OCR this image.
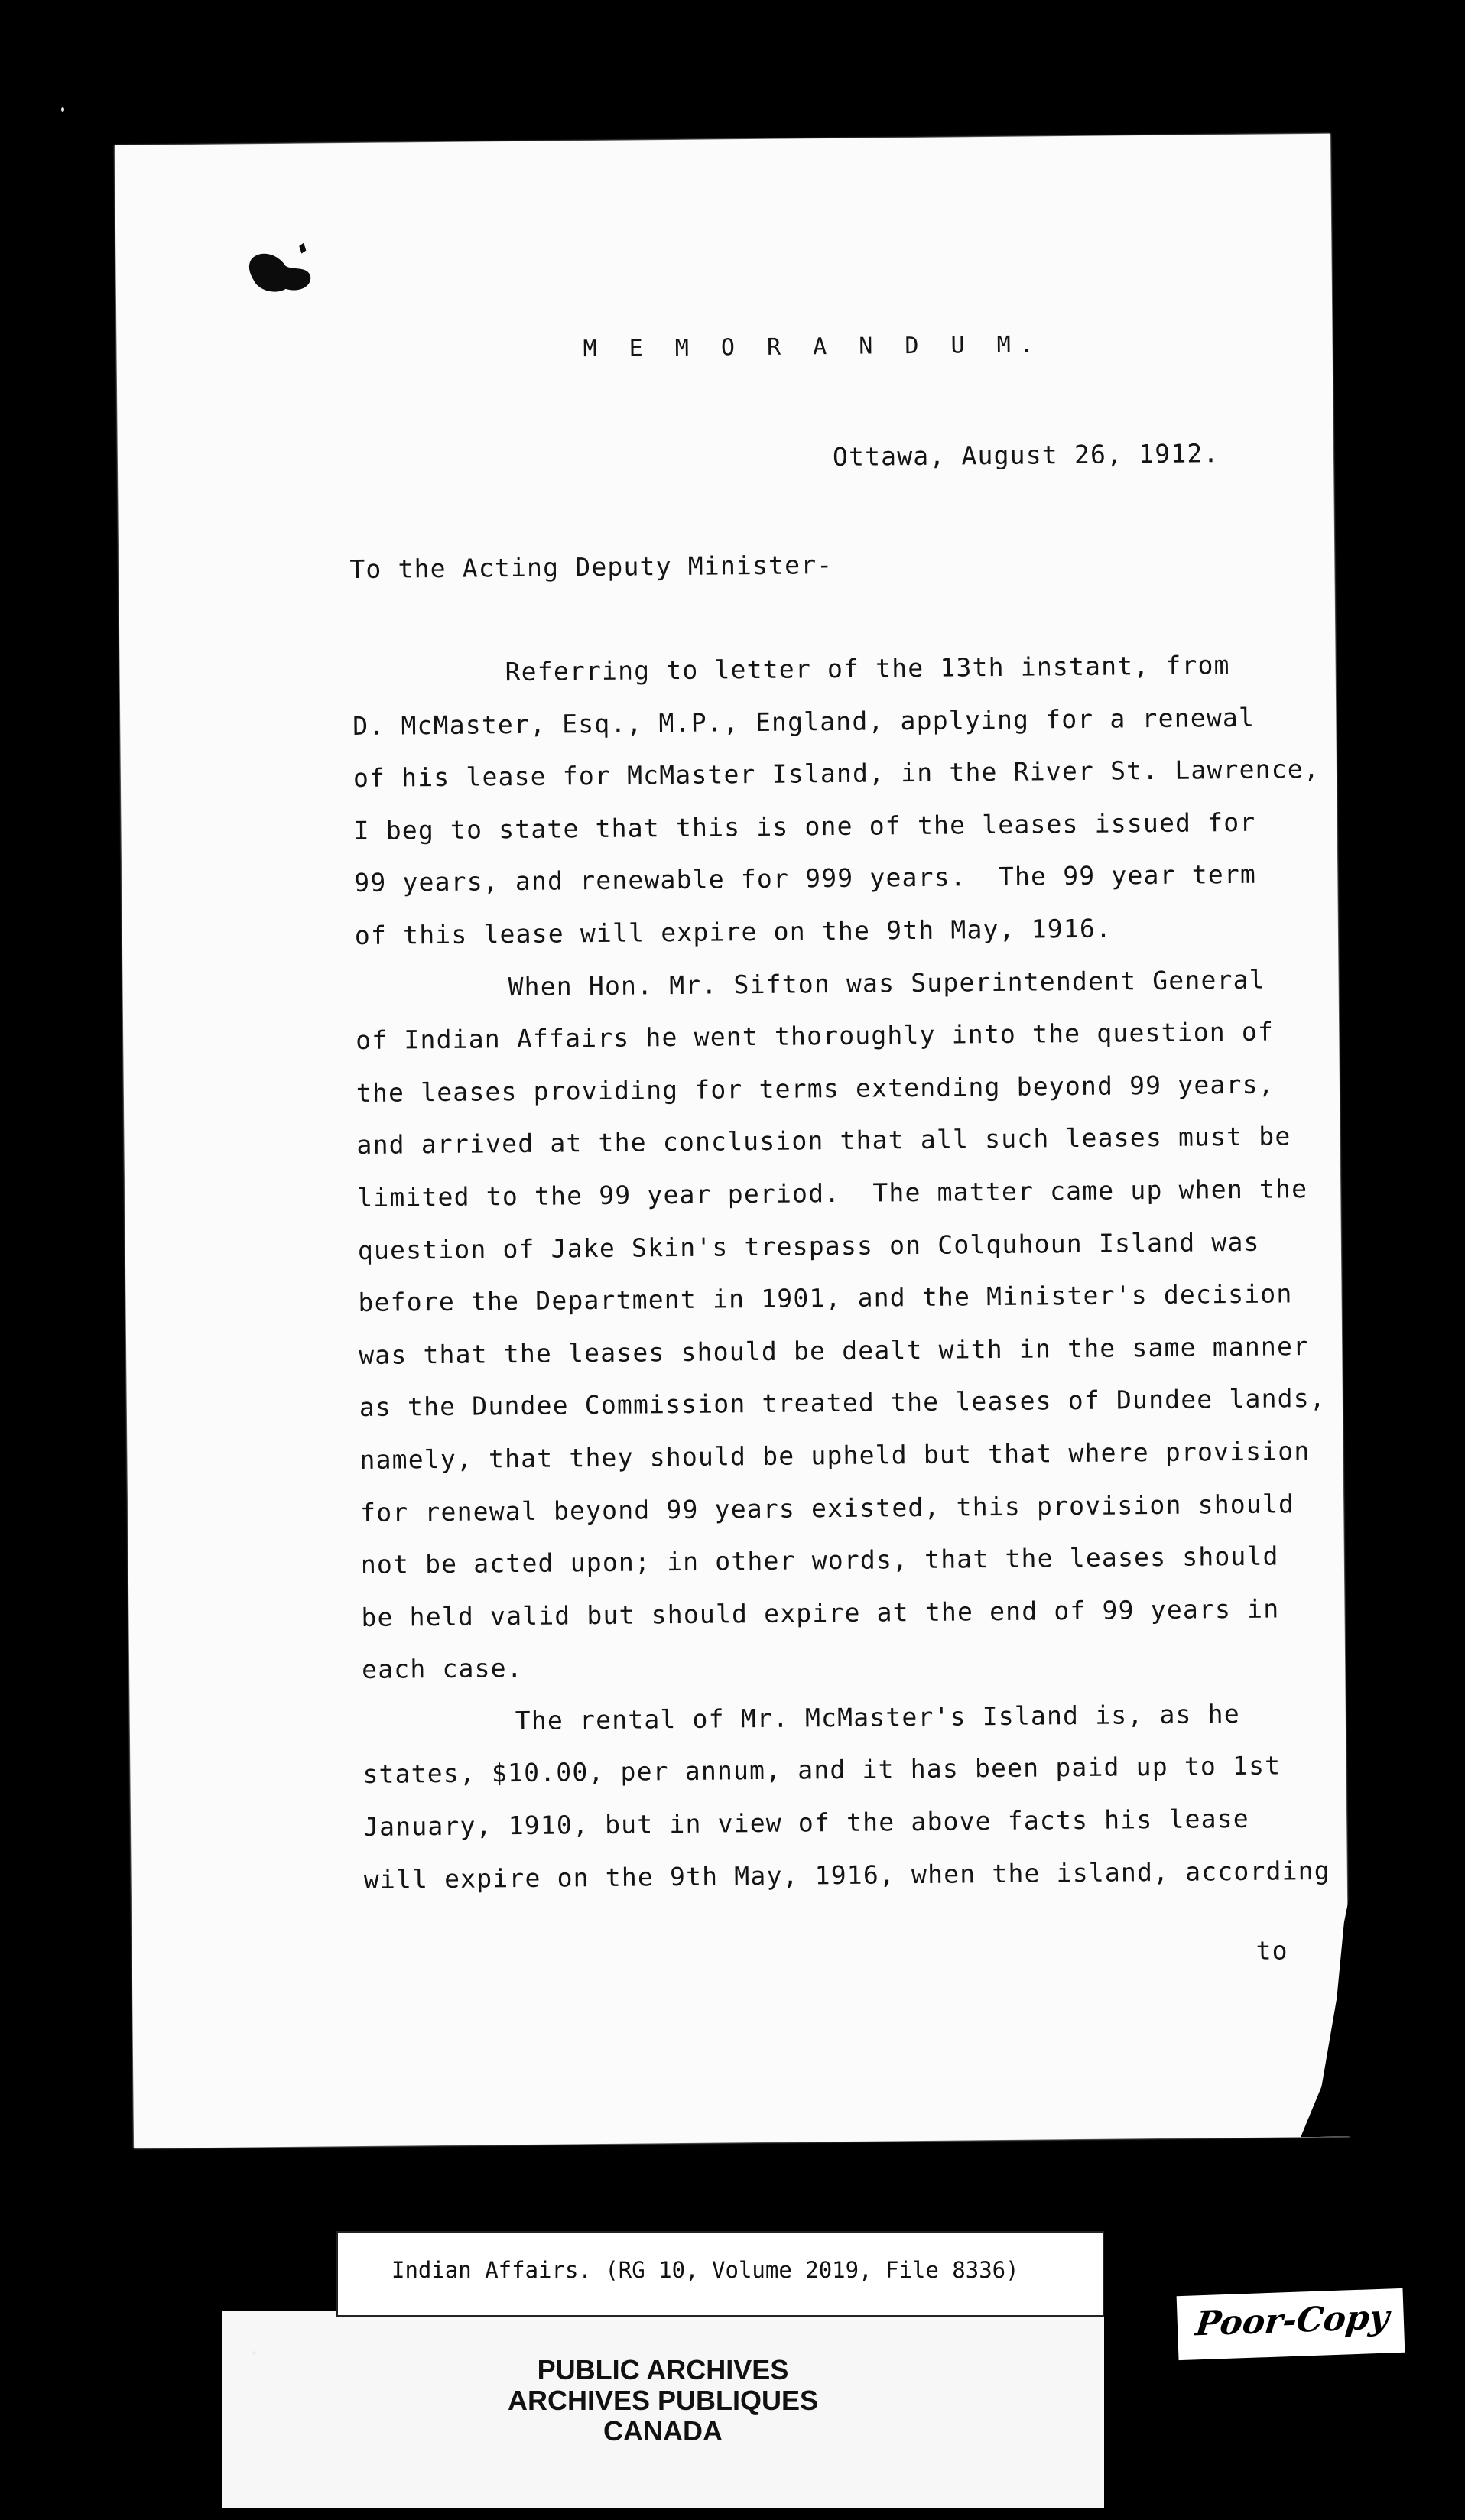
M E M O R A N D U M.
Ottawa, August 26, 1912.
To the Acting Deputy Minister-
Referring to letter of the 13th instant, from
D. McMaster, Esq., M.P., England, applying for a renewal
of his lease for McMaster Island, in the River St. Lawrence,
I beg to state that this is one of the leases issued for
99 years, and renewable for 999 years.  The 99 year term
of this lease will expire on the 9th May, 1916.
When Hon. Mr. Sifton was Superintendent General
of Indian Affairs he went thoroughly into the question of
the leases providing for terms extending beyond 99 years,
and arrived at the conclusion that all such leases must be
limited to the 99 year period.  The matter came up when the
question of Jake Skin's trespass on Colquhoun Island was
before the Department in 1901, and the Minister's decision
was that the leases should be dealt with in the same manner
as the Dundee Commission treated the leases of Dundee lands,
namely, that they should be upheld but that where provision
for renewal beyond 99 years existed, this provision should
not be acted upon; in other words, that the leases should
be held valid but should expire at the end of 99 years in
each case.
The rental of Mr. McMaster's Island is, as he
states, $10.00, per annum, and it has been paid up to 1st
January, 1910, but in view of the above facts his lease
will expire on the 9th May, 1916, when the island, according
to
Indian Affairs. (RG 10, Volume 2019, File 8336)
PUBLIC ARCHIVES
ARCHIVES PUBLIQUES
CANADA
Poor-Copy
